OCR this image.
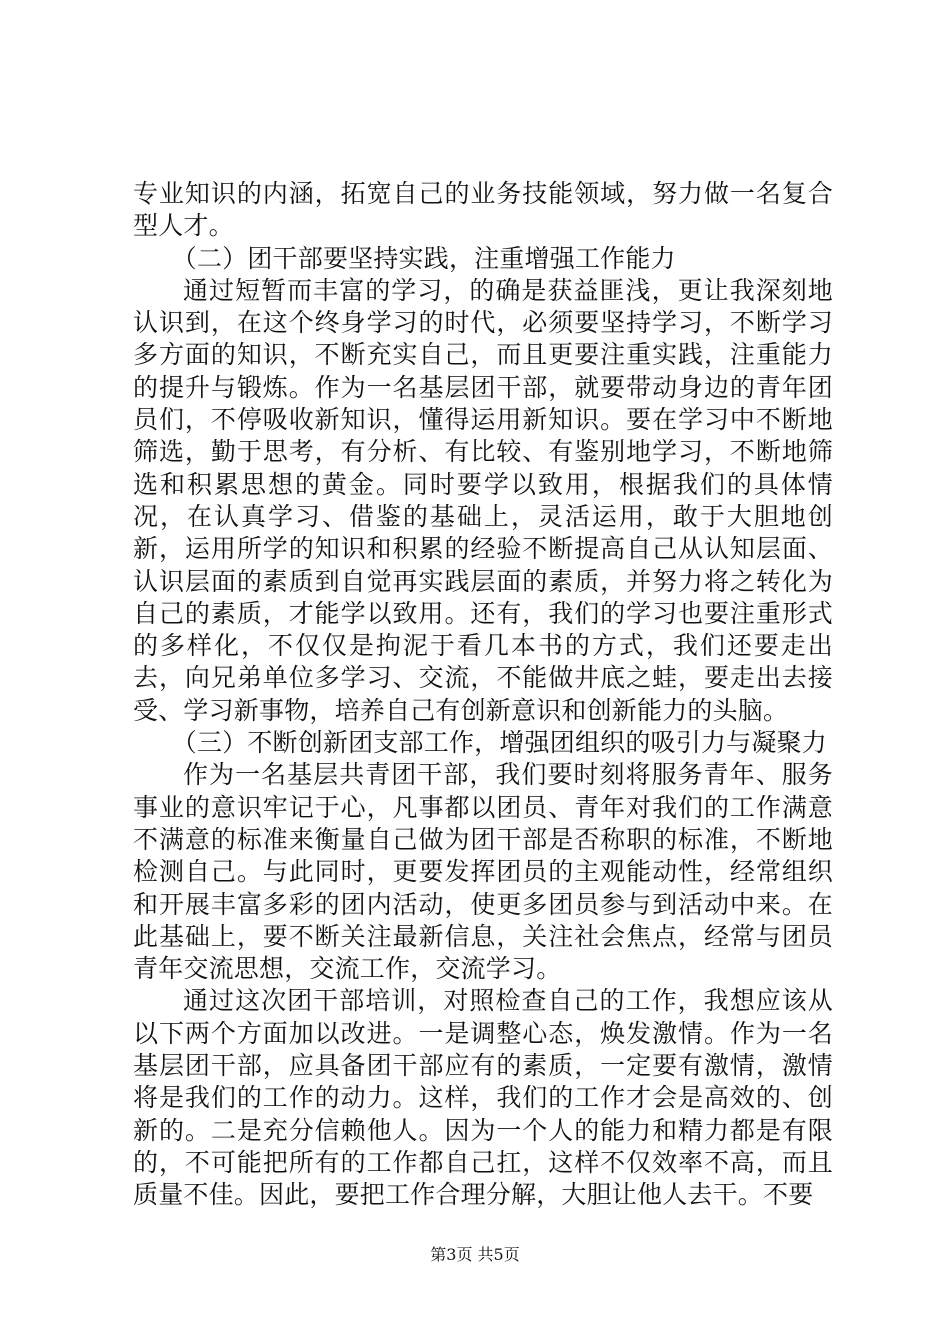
专业知识的内涵，拓宽自己的业务技能领域，努力做一名复合型人才。

（二）团干部要坚持实践，注重增强工作能力

通过短暂而丰富的学习，的确是获益匪浅，更让我深刻地认识到，在这个终身学习的时代，必须要坚持学习，不断学习多方面的知识，不断充实自己，而且更要注重实践，注重能力的提升与锻炼。作为一名基层团干部，就要带动身边的青年团员们，不停吸收新知识，懂得运用新知识。要在学习中不断地筛选，勤于思考，有分析、有比较、有鉴别地学习，不断地筛选和积累思想的黄金。同时要学以致用，根据我们的具体情况，在认真学习、借鉴的基础上，灵活运用，敢于大胆地创新，运用所学的知识和积累的经验不断提高自己从认知层面、认识层面的素质到自觉再实践层面的素质，并努力将之转化为自己的素质，才能学以致用。还有，我们的学习也要注重形式的多样化，不仅仅是拘泥于看几本书的方式，我们还要走出去，向兄弟单位多学习、交流，不能做井底之蛙，要走出去接受、学习新事物，培养自己有创新意识和创新能力的头脑。

（三）不断创新团支部工作，增强团组织的吸引力与凝聚力

作为一名基层共青团干部，我们要时刻将服务青年、服务事业的意识牢记于心，凡事都以团员、青年对我们的工作满意不满意的标准来衡量自己做为团干部是否称职的标准，不断地检测自己。与此同时，更要发挥团员的主观能动性，经常组织和开展丰富多彩的团内活动，使更多团员参与到活动中来。在此基础上，要不断关注最新信息，关注社会焦点，经常与团员青年交流思想，交流工作，交流学习。

通过这次团干部培训，对照检查自己的工作，我想应该从以下两个方面加以改进。一是调整心态，焕发激情。作为一名基层团干部，应具备团干部应有的素质，一定要有激情，激情将是我们的工作的动力。这样，我们的工作才会是高效的、创新的。二是充分信赖他人。因为一个人的能力和精力都是有限的，不可能把所有的工作都自己扛，这样不仅效率不高，而且质量不佳。因此，要把工作合理分解，大胆让他人去干。不要

第3页 共5页
